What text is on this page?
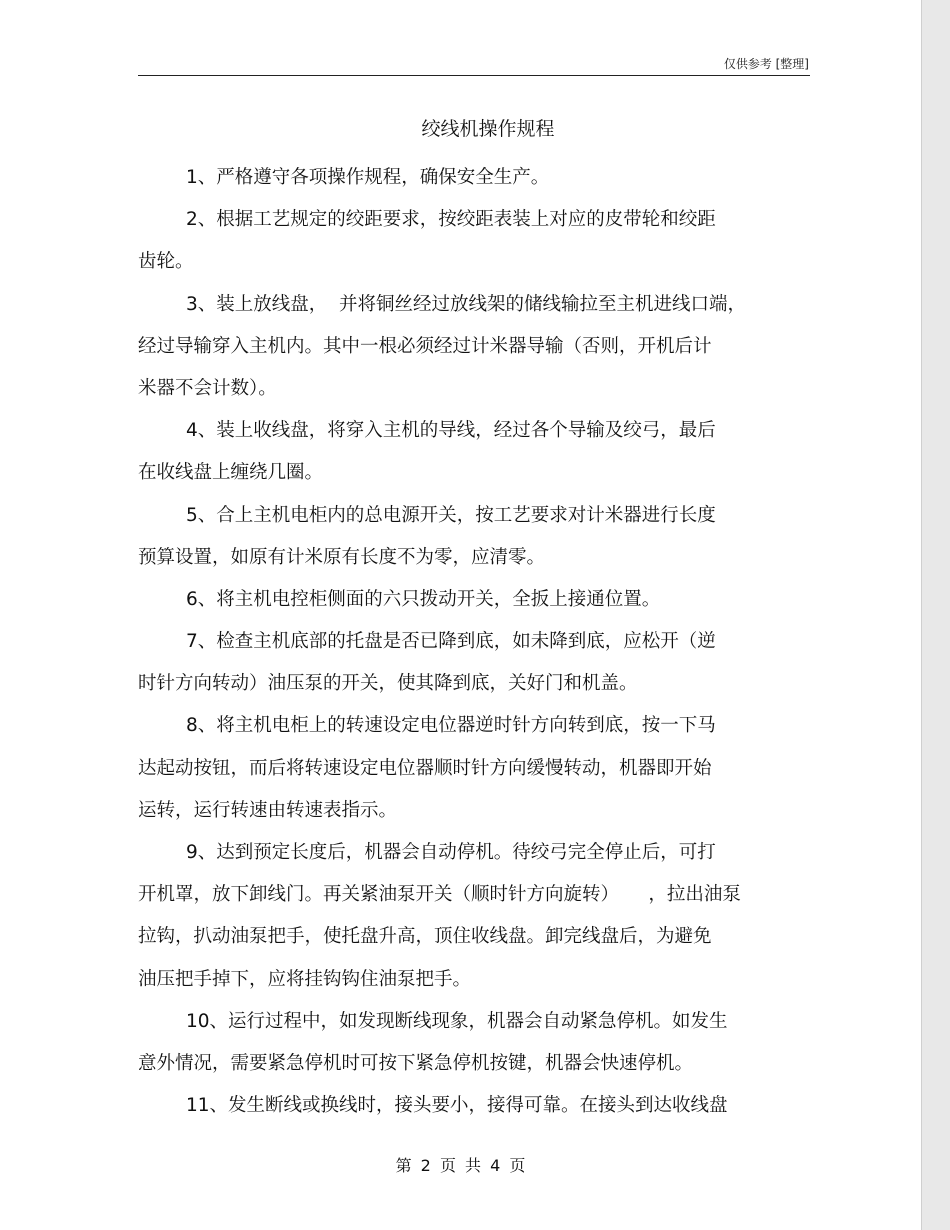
仅供参考 [整理]
绞线机操作规程
1、严格遵守各项操作规程，确保安全生产。
2、根据工艺规定的绞距要求，按绞距表装上对应的皮带轮和绞距
齿轮。
3、装上放线盘，  并将铜丝经过放线架的储线输拉至主机进线口端，
经过导输穿入主机内。其中一根必须经过计米器导输（否则，开机后计
米器不会计数）。
4、装上收线盘，将穿入主机的导线，经过各个导输及绞弓，最后
在收线盘上缠绕几圈。
5、合上主机电柜内的总电源开关，按工艺要求对计米器进行长度
预算设置，如原有计米原有长度不为零，应清零。
6、将主机电控柜侧面的六只拨动开关，全扳上接通位置。
7、检查主机底部的托盘是否已降到底，如未降到底，应松开（逆
时针方向转动）油压泵的开关，使其降到底，关好门和机盖。
8、将主机电柜上的转速设定电位器逆时针方向转到底，按一下马
达起动按钮，而后将转速设定电位器顺时针方向缓慢转动，机器即开始
运转，运行转速由转速表指示。
9、达到预定长度后，机器会自动停机。待绞弓完全停止后，可打
开机罩，放下卸线门。再关紧油泵开关（顺时针方向旋转）     ，拉出油泵
拉钩，扒动油泵把手，使托盘升高，顶住收线盘。卸完线盘后，为避免
油压把手掉下，应将挂钩钩住油泵把手。
10、运行过程中，如发现断线现象，机器会自动紧急停机。如发生
意外情况，需要紧急停机时可按下紧急停机按键，机器会快速停机。
11、发生断线或换线时，接头要小，接得可靠。在接头到达收线盘
第 2 页 共 4 页
